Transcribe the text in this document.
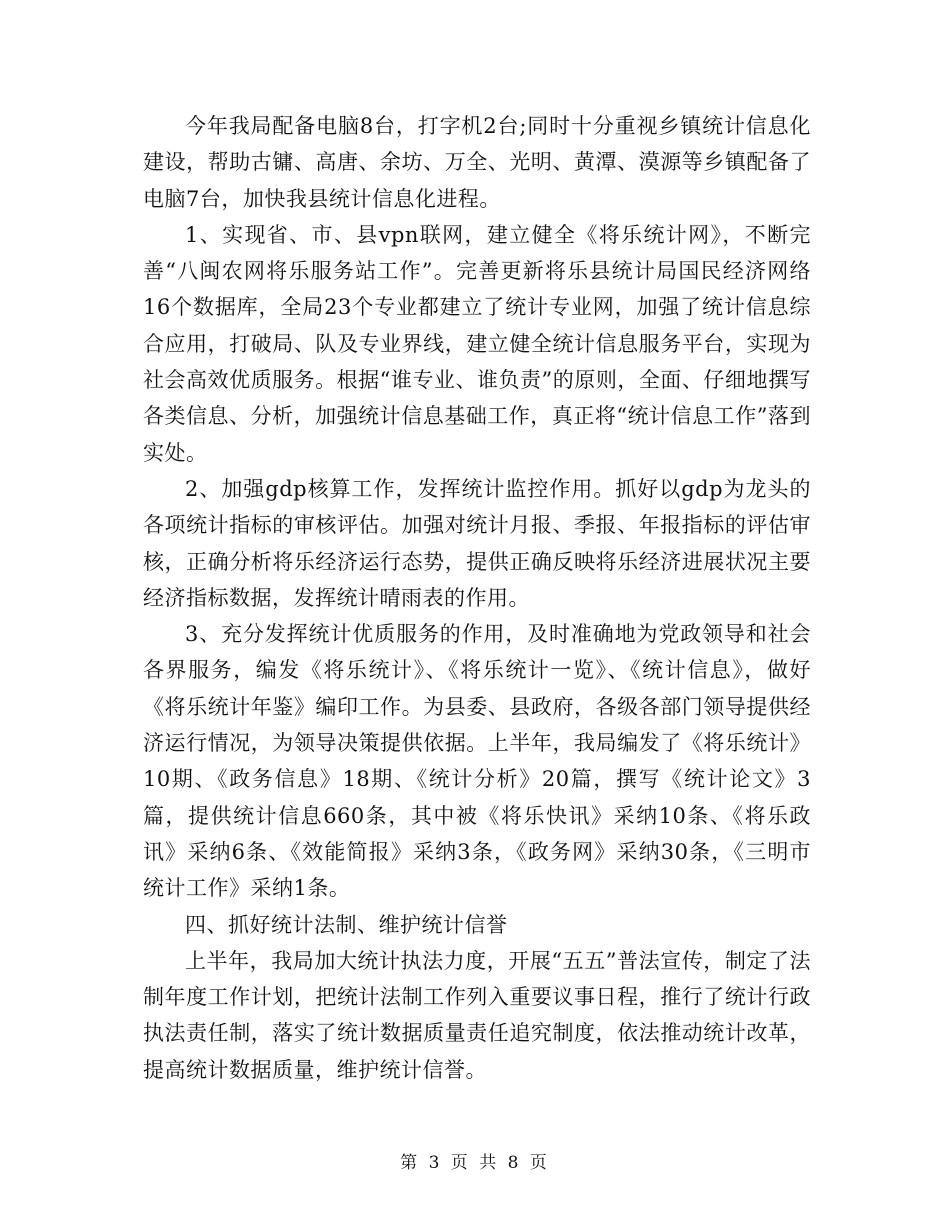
今年我局配备电脑8台，打字机2台;同时十分重视乡镇统计信息化建设，帮助古镛、高唐、余坊、万全、光明、黄潭、漠源等乡镇配备了电脑7台，加快我县统计信息化进程。

1、实现省、市、县vpn联网，建立健全《将乐统计网》，不断完善“八闽农网将乐服务站工作”。完善更新将乐县统计局国民经济网络16个数据库，全局23个专业都建立了统计专业网，加强了统计信息综合应用，打破局、队及专业界线，建立健全统计信息服务平台，实现为社会高效优质服务。根据“谁专业、谁负责”的原则，全面、仔细地撰写各类信息、分析，加强统计信息基础工作，真正将“统计信息工作”落到实处。

2、加强gdp核算工作，发挥统计监控作用。抓好以gdp为龙头的各项统计指标的审核评估。加强对统计月报、季报、年报指标的评估审核，正确分析将乐经济运行态势，提供正确反映将乐经济进展状况主要经济指标数据，发挥统计晴雨表的作用。

3、充分发挥统计优质服务的作用，及时准确地为党政领导和社会各界服务，编发《将乐统计》、《将乐统计一览》、《统计信息》，做好《将乐统计年鉴》编印工作。为县委、县政府，各级各部门领导提供经济运行情况，为领导决策提供依据。上半年，我局编发了《将乐统计》10期、《政务信息》18期、《统计分析》20篇，撰写《统计论文》3篇，提供统计信息660条，其中被《将乐快讯》采纳10条、《将乐政讯》采纳6条、《效能简报》采纳3条，《政务网》采纳30条，《三明市统计工作》采纳1条。

四、抓好统计法制、维护统计信誉

上半年，我局加大统计执法力度，开展“五五”普法宣传，制定了法制年度工作计划，把统计法制工作列入重要议事日程，推行了统计行政执法责任制，落实了统计数据质量责任追究制度，依法推动统计改革，提高统计数据质量，维护统计信誉。

第 3 页 共 8 页
